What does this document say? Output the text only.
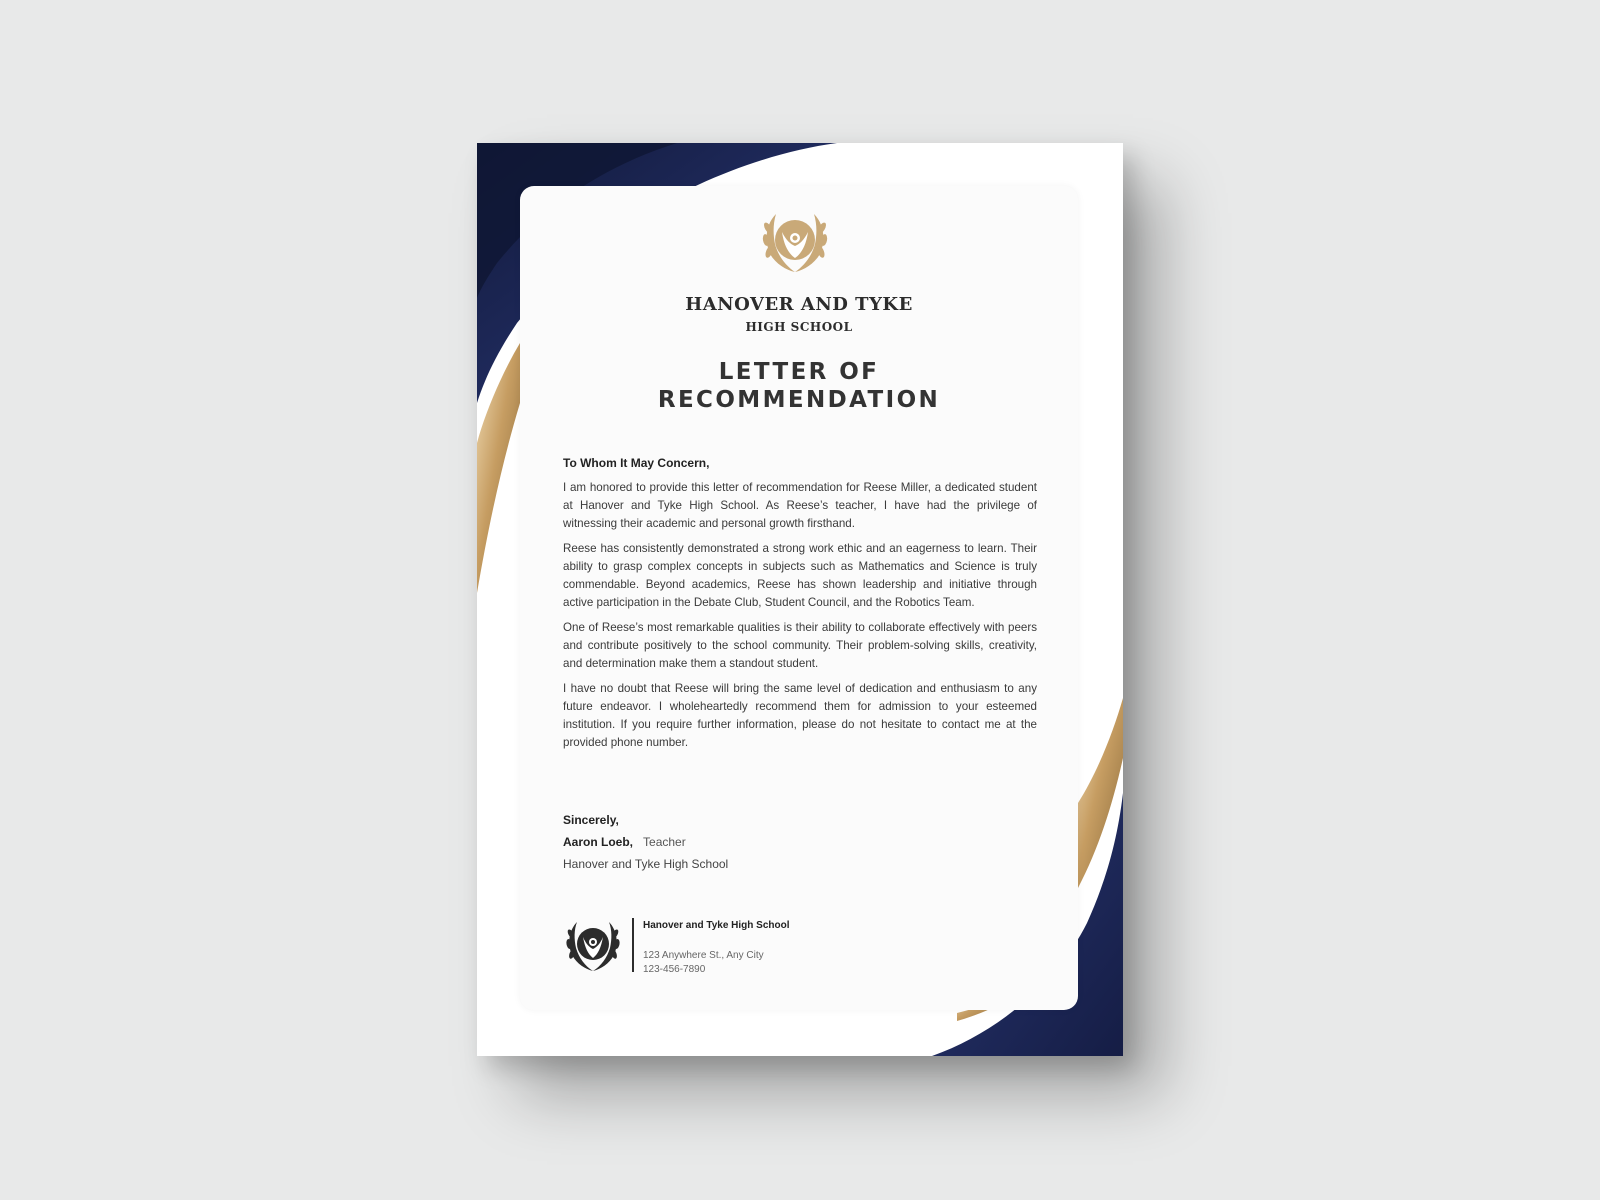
HANOVER AND TYKE

HIGH SCHOOL

LETTER OF
RECOMMENDATION

To Whom It May Concern,

I am honored to provide this letter of recommendation for Reese Miller, a dedicated student at Hanover and Tyke High School. As Reese’s teacher, I have had the privilege of witnessing their academic and personal growth firsthand.

Reese has consistently demonstrated a strong work ethic and an eagerness to learn. Their ability to grasp complex concepts in subjects such as Mathematics and Science is truly commendable. Beyond academics, Reese has shown leadership and initiative through active participation in the Debate Club, Student Council, and the Robotics Team.

One of Reese’s most remarkable qualities is their ability to collaborate effectively with peers and contribute positively to the school community. Their problem-solving skills, creativity, and determination make them a standout student.

I have no doubt that Reese will bring the same level of dedication and enthusiasm to any future endeavor. I wholeheartedly recommend them for admission to your esteemed institution. If you require further information, please do not hesitate to contact me at the provided phone number.

Sincerely,

Aaron Loeb, Teacher

Hanover and Tyke High School

Hanover and Tyke High School

123 Anywhere St., Any City

123-456-7890
